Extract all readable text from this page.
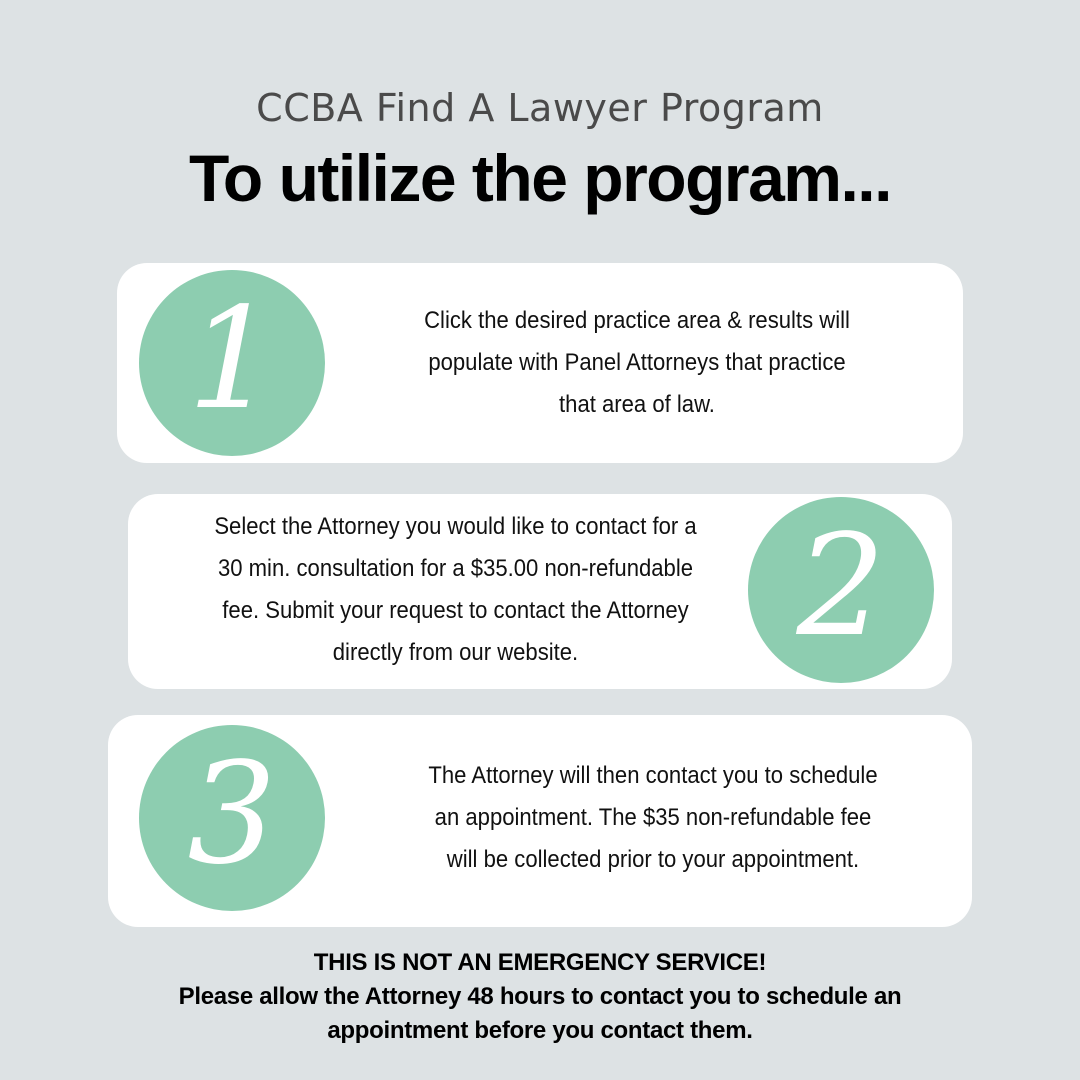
CCBA Find A Lawyer Program
To utilize the program...
1	Click the desired practice area & results will
populate with Panel Attorneys that practice
that area of law.
Select the Attorney you would like to contact for a
30 min. consultation for a $35.00 non-refundable
fee. Submit your request to contact the Attorney
directly from our website.	2
3	The Attorney will then contact you to schedule
an appointment. The $35 non-refundable fee
will be collected prior to your appointment.
THIS IS NOT AN EMERGENCY SERVICE!
Please allow the Attorney 48 hours to contact you to schedule an
appointment before you contact them.
